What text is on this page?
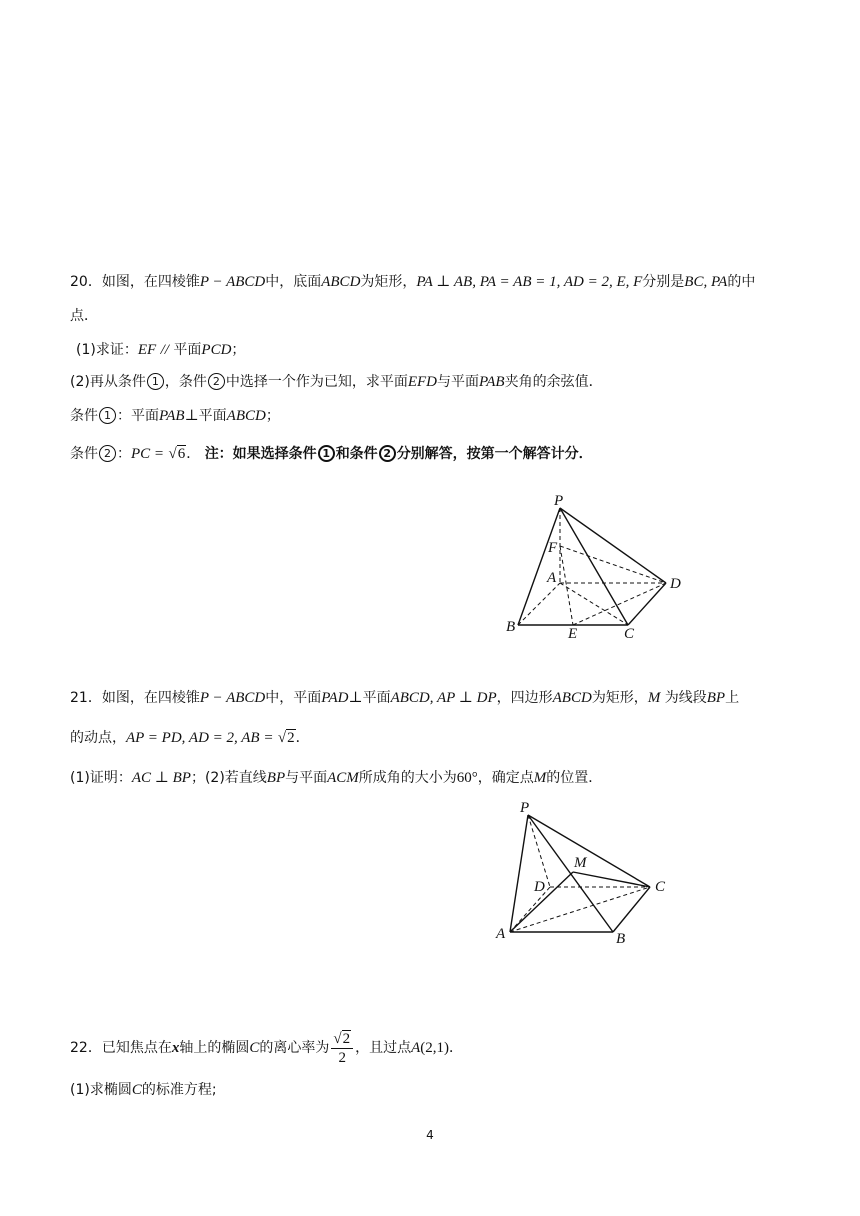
20．如图，在四棱锥P − ABCD中，底面ABCD为矩形，PA ⊥ AB, PA = AB = 1, AD = 2, E, F分别是BC, PA的中
点．
(1)求证：EF // 平面PCD；
(2)再从条件 1 ，条件 2 中选择一个作为已知，求平面EFD与平面PAB夹角的余弦值．
条件 1 ：平面PAB⊥平面ABCD；
条件 2 ：PC = √6． 注：如果选择条件 1 和条件 2 分别解答，按第一个解答计分．
P
F
A	D
B	E	C
21．如图，在四棱锥P − ABCD中，平面PAD⊥平面ABCD, AP ⊥ DP，四边形ABCD为矩形，M 为线段BP上
的动点，AP = PD, AD = 2, AB = √2．
(1)证明：AC ⊥ BP；(2)若直线BP与平面ACM所成角的大小为60°，确定点M的位置．
P
M
D	C
A	B
22．已知焦点在x轴上的椭圆C的离心率为 $\frac{√2}{2}$ ，且过点A(2,1)．
(1)求椭圆C的标准方程;
4
